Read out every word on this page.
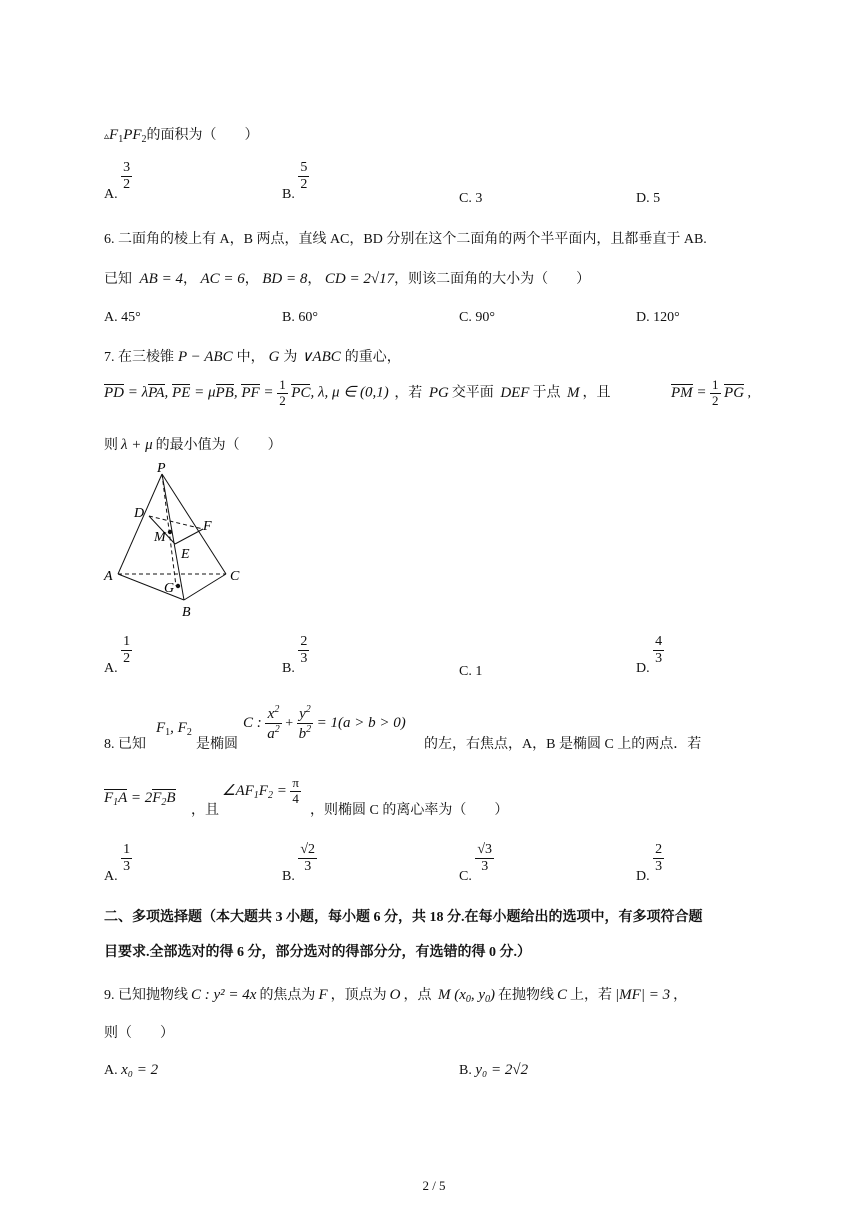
$▵F_1PF_2$的面积为（　　）
A.
$\frac{3}{2}$
B.
$\frac{5}{2}$
C. 3	D. 5
6. 二面角的棱上有 A，B 两点，直线 AC，BD 分别在这个二面角的两个半平面内，且都垂直于 AB.
已知 AB = 4， AC = 6， BD = 8， CD = 2√17，则该二面角的大小为（　　）
A. 45°	B. 60°	C. 90°	D. 120°
7. 在三棱锥 P − ABC 中， G 为 ∨ABC 的重心，
PD = λPA, PE = μPB, PF = $\frac{1}{2}$ PC, λ, μ ∈ (0,1) ，若 PG 交平面 DEF 于点 M ，且	PM = $\frac{1}{2}$ PG ,
则 λ + μ 的最小值为（　　）
P
D
F
M
E
A	C
G
B
A.
$\frac{1}{2}$
B.
$\frac{2}{3}$
C. 1	D.
$\frac{4}{3}$
8. 已知
$F_1$, $F_2$
是椭圆
C : $\frac{x^2}{a^2} + \frac{y^2}{b^2} = 1(a > b > 0)$
的左，右焦点，A，B 是椭圆 C 上的两点．若
$F_1A = 2F_2B$
，且
$\angle AF_1F_2 = \frac{\pi}{4}$
，则椭圆 C 的离心率为（　　）
A.
$\frac{1}{3}$
B.
$\frac{√2}{3}$
C.
$\frac{√3}{3}$
D.
$\frac{2}{3}$
二、多项选择题（本大题共 3 小题，每小题 6 分，共 18 分.在每小题给出的选项中，有多项符合题
目要求.全部选对的得 6 分，部分选对的得部分分，有选错的得 0 分.）
9. 已知抛物线 C : y² = 4x 的焦点为 F ，顶点为 O ，点 M ($x_0$, $y_0$) 在抛物线 C 上，若 |MF| = 3 ，
则（　　）
A. x₀ = 2	B. y₀ = 2√2
2 / 5
